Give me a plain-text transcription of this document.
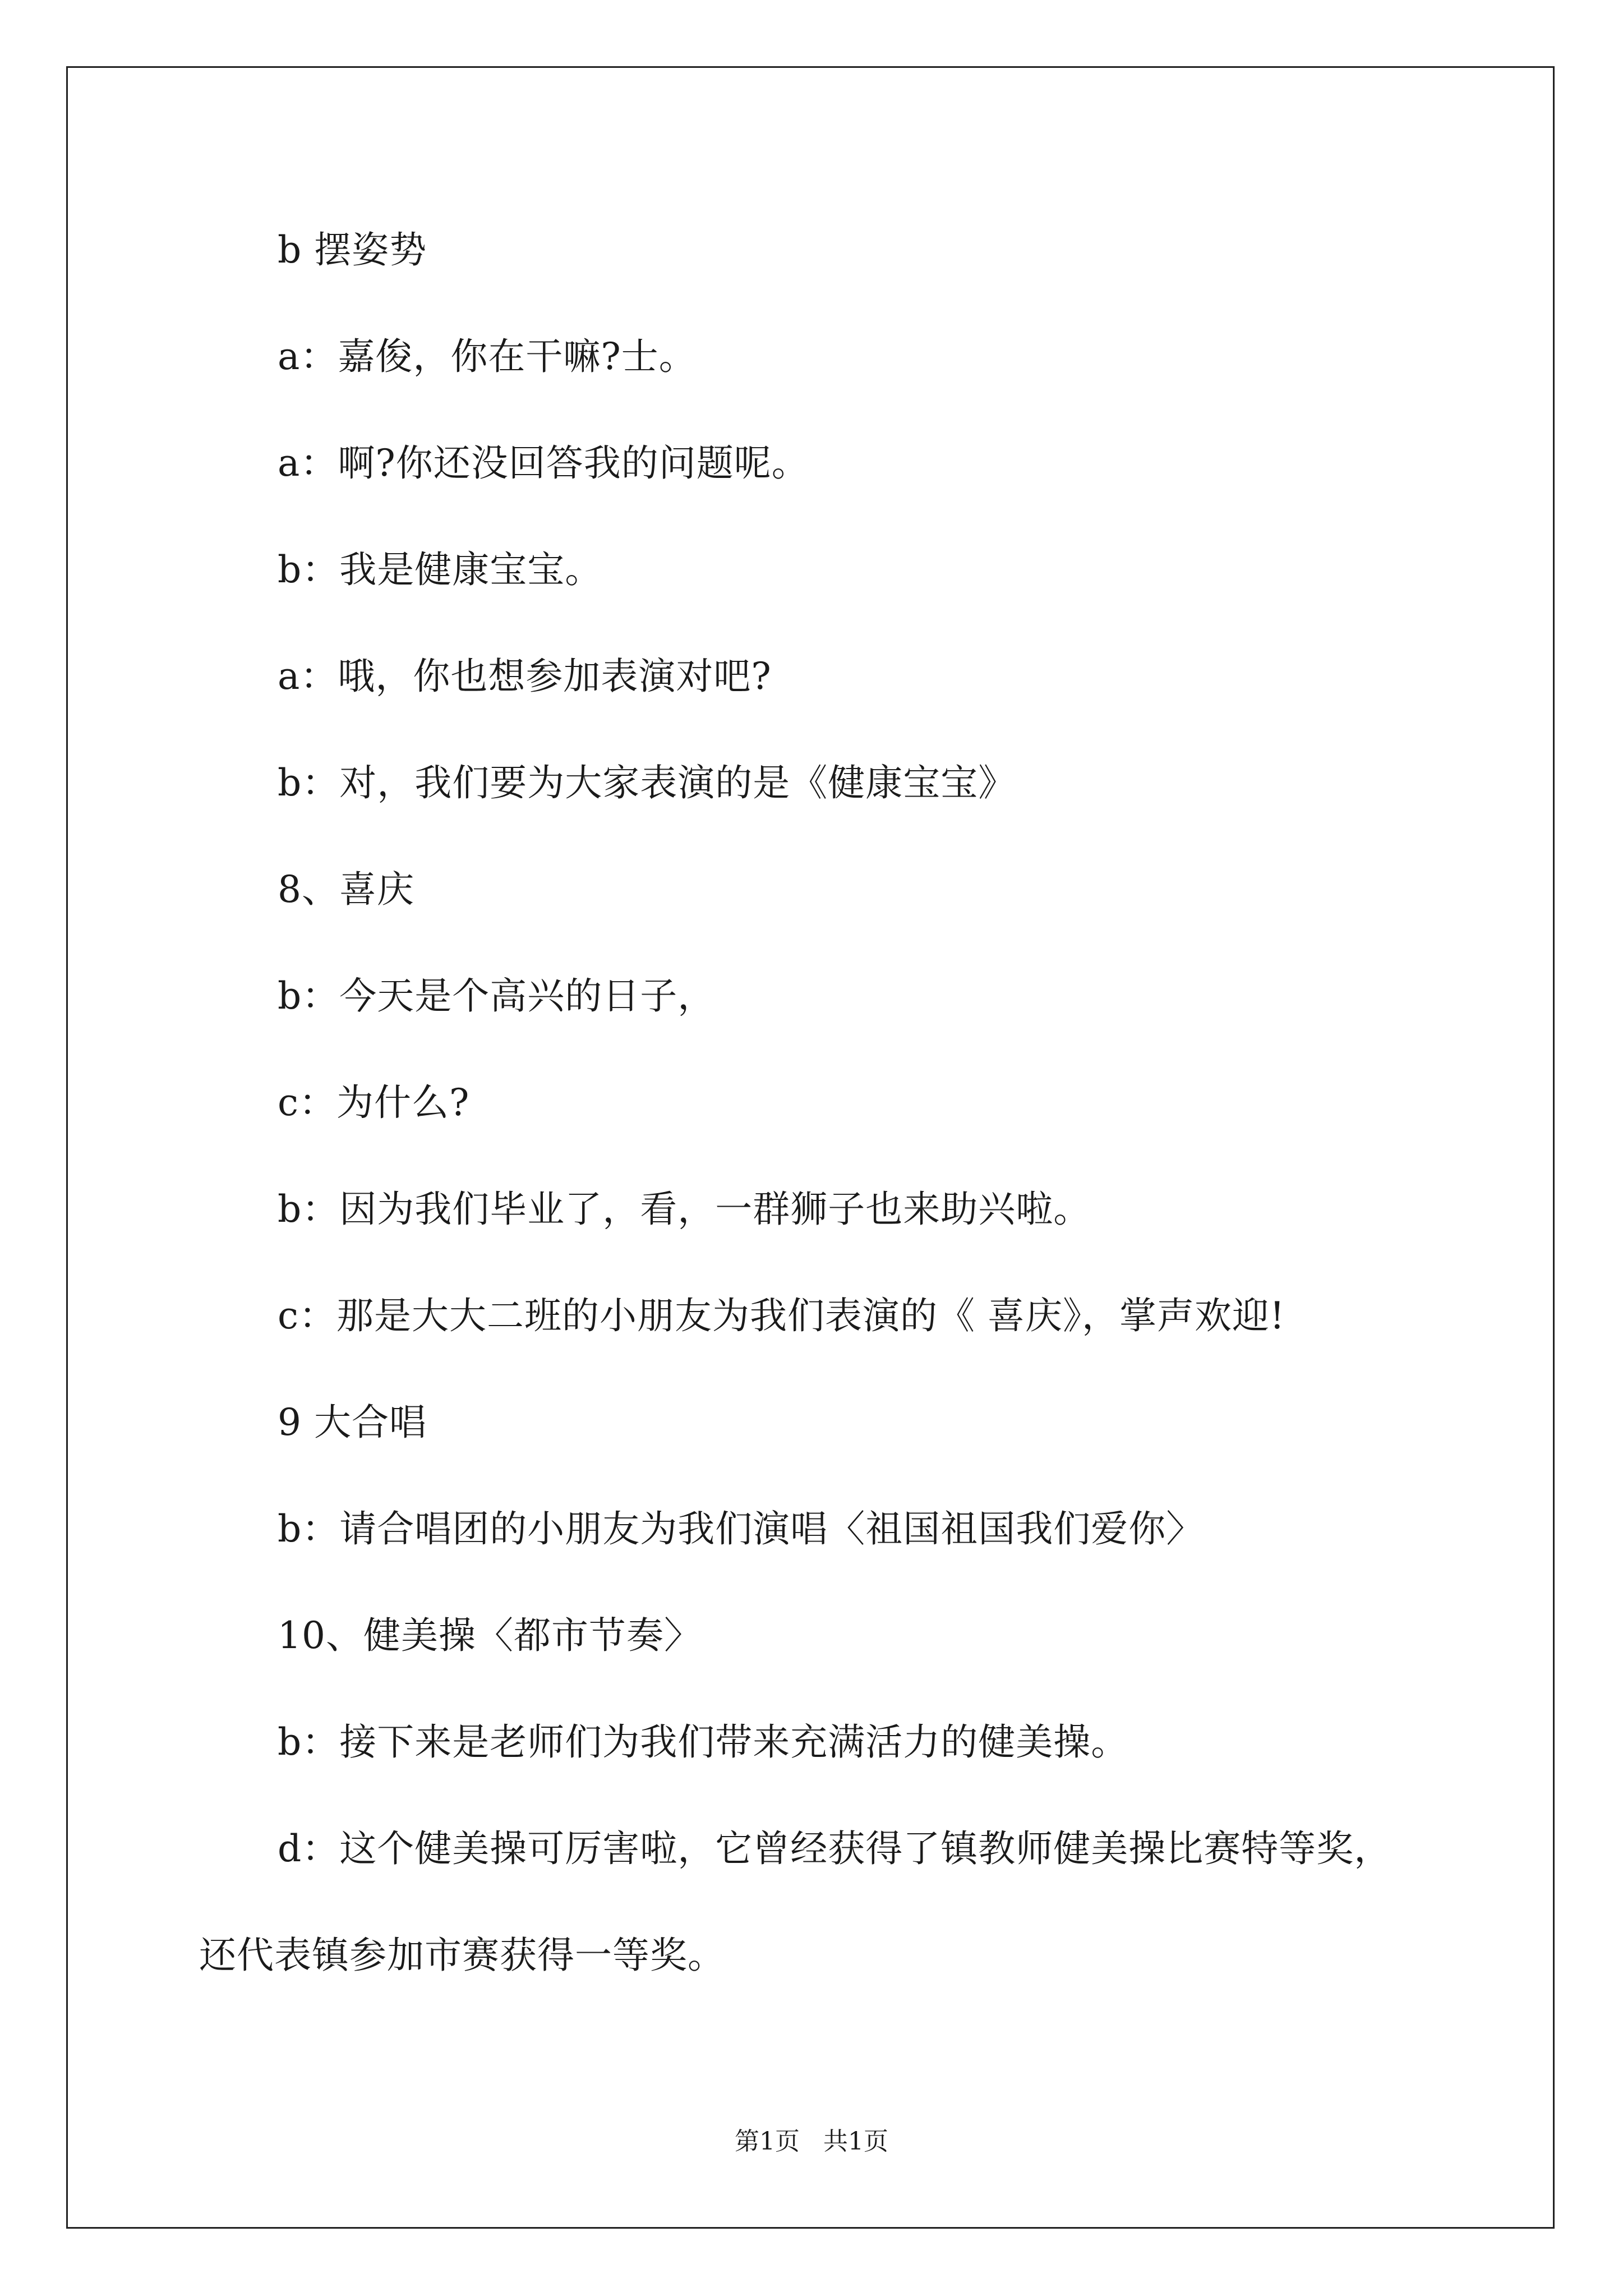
b 摆姿势
a：嘉俊，你在干嘛?士。
a：啊?你还没回答我的问题呢。
b：我是健康宝宝。
a：哦，你也想参加表演对吧?
b：对，我们要为大家表演的是《健康宝宝》
8、喜庆
b：今天是个高兴的日子，
c：为什么?
b：因为我们毕业了，看，一群狮子也来助兴啦。
c：那是大大二班的小朋友为我们表演的《 喜庆》，掌声欢迎!
9 大合唱
b：请合唱团的小朋友为我们演唱〈祖国祖国我们爱你〉
10、健美操〈都市节奏〉
b：接下来是老师们为我们带来充满活力的健美操。
d：这个健美操可厉害啦，它曾经获得了镇教师健美操比赛特等奖，
还代表镇参加市赛获得一等奖。
第1页   共1页
